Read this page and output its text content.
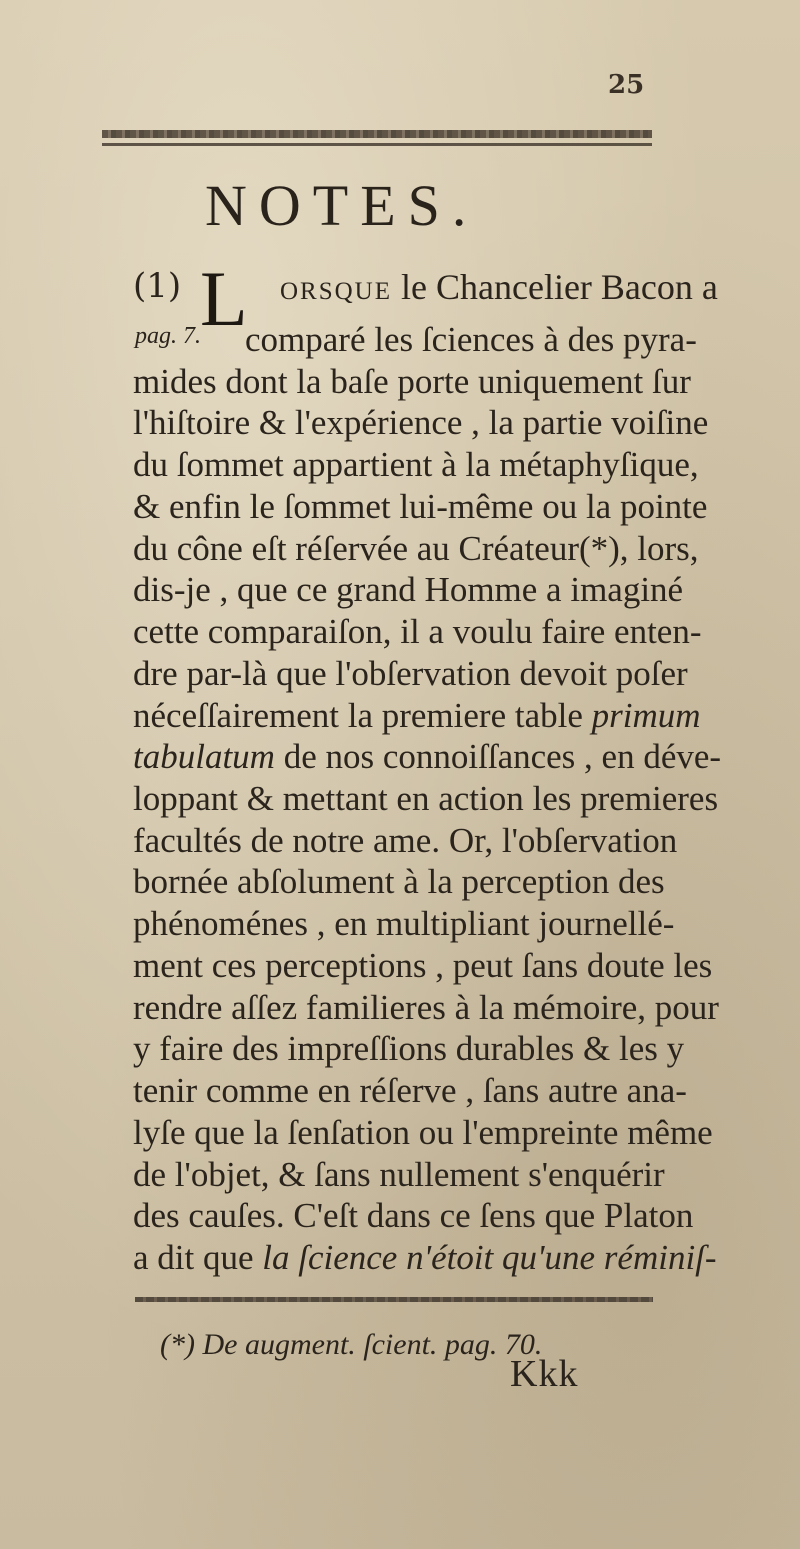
25
NOTES.
(1) L orsque le Chancelier Bacon a
pag. 7. comparé les ſciences à des pyra-
mides dont la baſe porte uniquement ſur
l'hiſtoire & l'expérience , la partie voiſine
du ſommet appartient à la métaphyſique,
& enfin le ſommet lui-même ou la pointe
du cône eſt réſervée au Créateur(*), lors,
dis-je , que ce grand Homme a imaginé
cette comparaiſon, il a voulu faire enten-
dre par-là que l'obſervation devoit poſer
néceſſairement la premiere table primum
tabulatum de nos connoiſſances , en déve-
loppant & mettant en action les premieres
facultés de notre ame. Or, l'obſervation
bornée abſolument à la perception des
phénoménes , en multipliant journellé-
ment ces perceptions , peut ſans doute les
rendre aſſez familieres à la mémoire, pour
y faire des impreſſions durables & les y
tenir comme en réſerve , ſans autre ana-
lyſe que la ſenſation ou l'empreinte même
de l'objet, & ſans nullement s'enquérir
des cauſes. C'eſt dans ce ſens que Platon
a dit que la ſcience n'étoit qu'une réminiſ-
(*) De augment. ſcient. pag. 70.
Kkk
